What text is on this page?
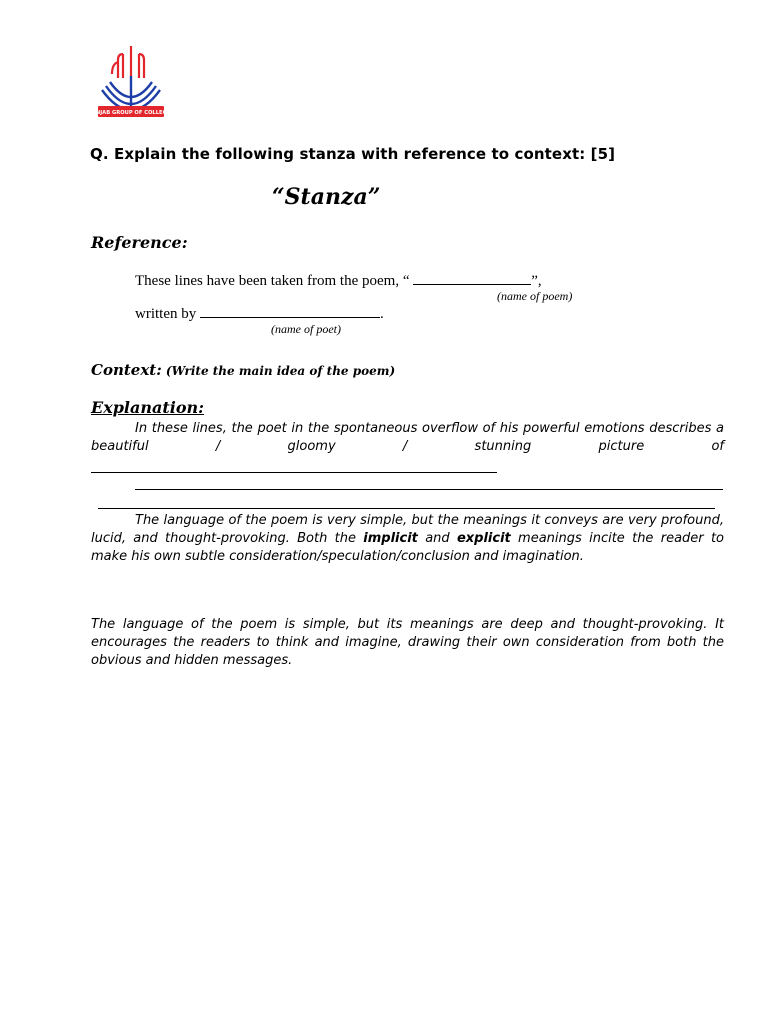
PUNJAB GROUP OF COLLEGES
Q. Explain the following stanza with reference to context: [5]
“Stanza”
Reference:
These lines have been taken from the poem, “	”,
(name of poem)
written by	.
(name of poet)
Context: (Write the main idea of the poem)
Explanation:
In these lines, the poet in the spontaneous overflow of his powerful emotions describes a beautiful / gloomy / stunning picture of
The language of the poem is very simple, but the meanings it conveys are very profound, lucid, and thought-provoking. Both the implicit and explicit meanings incite the reader to make his own subtle consideration/speculation/conclusion and imagination.
The language of the poem is simple, but its meanings are deep and thought-provoking. It encourages the readers to think and imagine, drawing their own consideration from both the obvious and hidden messages.
